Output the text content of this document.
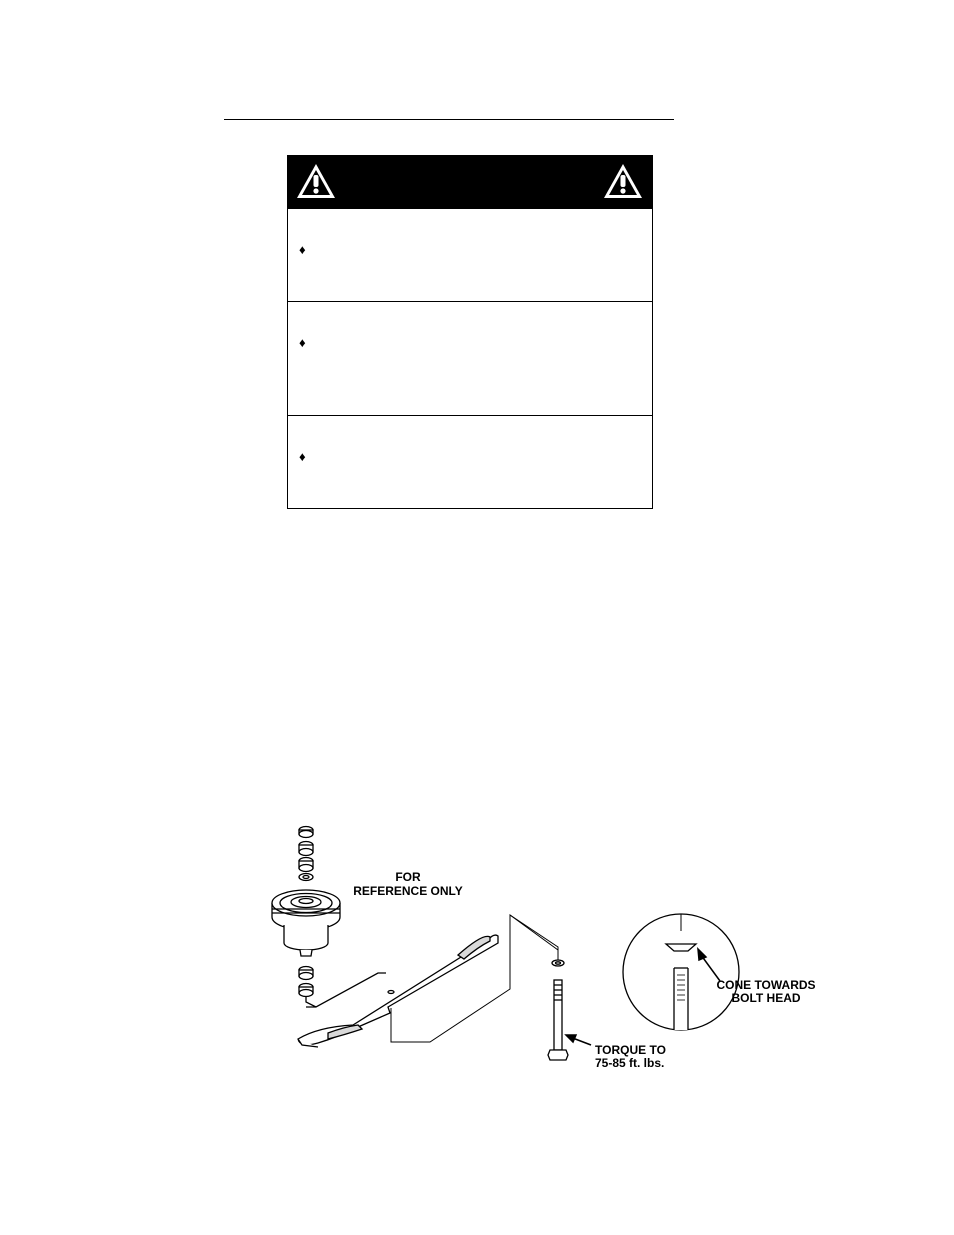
♦
♦
♦
FOR
REFERENCE ONLY
CONE TOWARDS
BOLT HEAD
TORQUE TO
75-85 ft. lbs.
